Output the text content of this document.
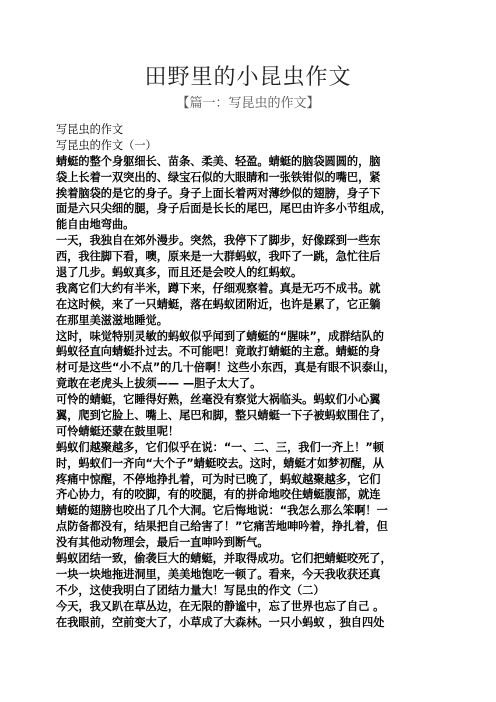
田野里的小昆虫作文
【篇一：写昆虫的作文】
写昆虫的作文
写昆虫的作文（一）
蜻蜓的整个身躯细长、苗条、柔美、轻盈。蜻蜓的脑袋圆圆的，脑
袋上长着一双突出的、绿宝石似的大眼睛和一张铁钳似的嘴巴，紧
挨着脑袋的是它的身子。身子上面长着两对薄纱似的翅膀，身子下
面是六只尖细的腿，身子后面是长长的尾巴，尾巴由许多小节组成，
能自由地弯曲。
一天，我独自在郊外漫步。突然，我停下了脚步，好像踩到一些东
西，我往脚下看，噢，原来是一大群蚂蚁，我吓了一跳，急忙往后
退了几步。蚂蚁真多，而且还是会咬人的红蚂蚁。
我离它们大约有半米，蹲下来，仔细观察着。真是无巧不成书。就
在这时候，来了一只蜻蜓，落在蚂蚁团附近，也许是累了，它正躺
在那里美滋滋地睡觉。
这时，味觉特别灵敏的蚂蚁似乎闻到了蜻蜓的“腥味”，成群结队的
蚂蚁径直向蜻蜓扑过去。不可能吧！竟敢打蜻蜓的主意。蜻蜓的身
材可是这些“小不点”的几十倍啊！这些小东西，真是有眼不识泰山，
竟敢在老虎头上拔须—— —胆子太大了。
可怜的蜻蜓，它睡得好熟，丝毫没有察觉大祸临头。蚂蚁们小心翼
翼，爬到它脸上、嘴上、尾巴和脚，整只蜻蜓一下子被蚂蚁围住了，
可怜蜻蜓还蒙在鼓里呢！
蚂蚁们越聚越多，它们似乎在说：“一、二、三，我们一齐上！”顿
时，蚂蚁们一齐向“大个子”蜻蜓咬去。这时，蜻蜓才如梦初醒，从
疼痛中惊醒，不停地挣扎着，可为时已晚了，蚂蚁越聚越多，它们
齐心协力，有的咬脚，有的咬腿，有的拼命地咬住蜻蜓腹部，就连
蜻蜓的翅膀也咬出了几个大洞。它后悔地说：“我怎么那么笨啊！一
点防备都没有，结果把自己给害了！”它痛苦地呻吟着，挣扎着，但
没有其他动物理会，最后一直呻吟到断气。
蚂蚁团结一致，偷袭巨大的蜻蜓，并取得成功。它们把蜻蜓咬死了，
一块一块地拖进洞里，美美地饱吃一顿了。看来，今天我收获还真
不少，这使我明白了团结力量大！写昆虫的作文（二）
今天，我又趴在草丛边，在无限的静谧中，忘了世界也忘了自己 。
在我眼前，空前变大了，小草成了大森林。一只小蚂蚁 ，独自四处
